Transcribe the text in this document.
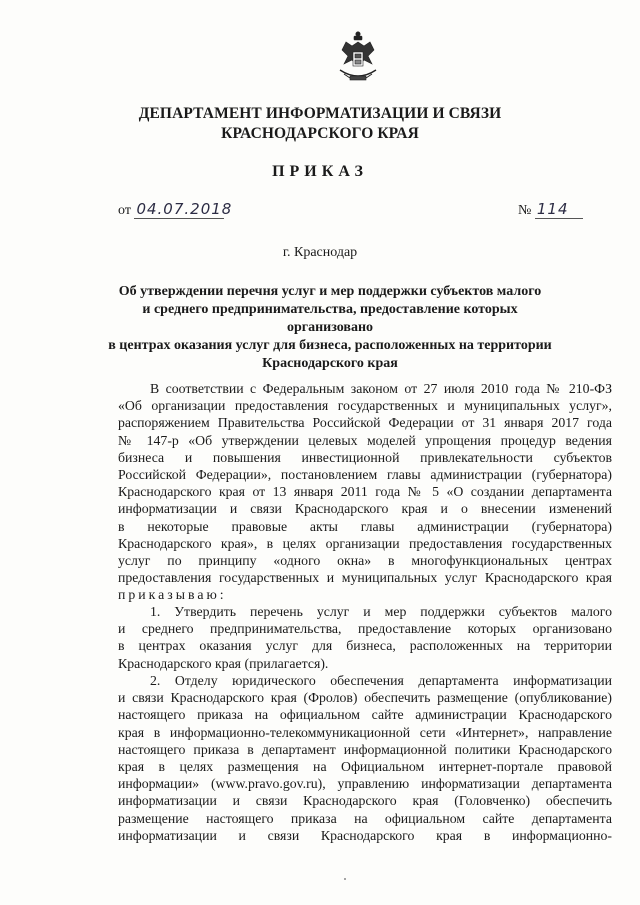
ДЕПАРТАМЕНТ ИНФОРМАТИЗАЦИИ И СВЯЗИ
КРАСНОДАРСКОГО КРАЯ
ПРИКАЗ
от 04.07.2018	№ 114
г. Краснодар
Об утверждении перечня услуг и мер поддержки субъектов малого
и среднего предпринимательства, предоставление которых организовано
в центрах оказания услуг для бизнеса, расположенных на территории
Краснодарского края
В соответствии с Федеральным законом от 27 июля 2010 года № 210-ФЗ
«Об организации предоставления государственных и муниципальных услуг»,
распоряжением Правительства Российской Федерации от 31 января 2017 года
№ 147-р «Об утверждении целевых моделей упрощения процедур ведения
бизнеса и повышения инвестиционной привлекательности субъектов
Российской Федерации», постановлением главы администрации (губернатора)
Краснодарского края от 13 января 2011 года № 5 «О создании департамента
информатизации и связи Краснодарского края и о внесении изменений
в некоторые правовые акты главы администрации (губернатора)
Краснодарского края», в целях организации предоставления государственных
услуг по принципу «одного окна» в многофункциональных центрах
предоставления государственных и муниципальных услуг Краснодарского края
приказываю:
1. Утвердить перечень услуг и мер поддержки субъектов малого
и среднего предпринимательства, предоставление которых организовано
в центрах оказания услуг для бизнеса, расположенных на территории
Краснодарского края (прилагается).
2. Отделу юридического обеспечения департамента информатизации
и связи Краснодарского края (Фролов) обеспечить размещение (опубликование)
настоящего приказа на официальном сайте администрации Краснодарского
края в информационно-телекоммуникационной сети «Интернет», направление
настоящего приказа в департамент информационной политики Краснодарского
края в целях размещения на Официальном интернет-портале правовой
информации» (www.pravo.gov.ru), управлению информатизации департамента
информатизации и связи Краснодарского края (Головченко) обеспечить
размещение настоящего приказа на официальном сайте департамента
информатизации и связи Краснодарского края в информационно-
